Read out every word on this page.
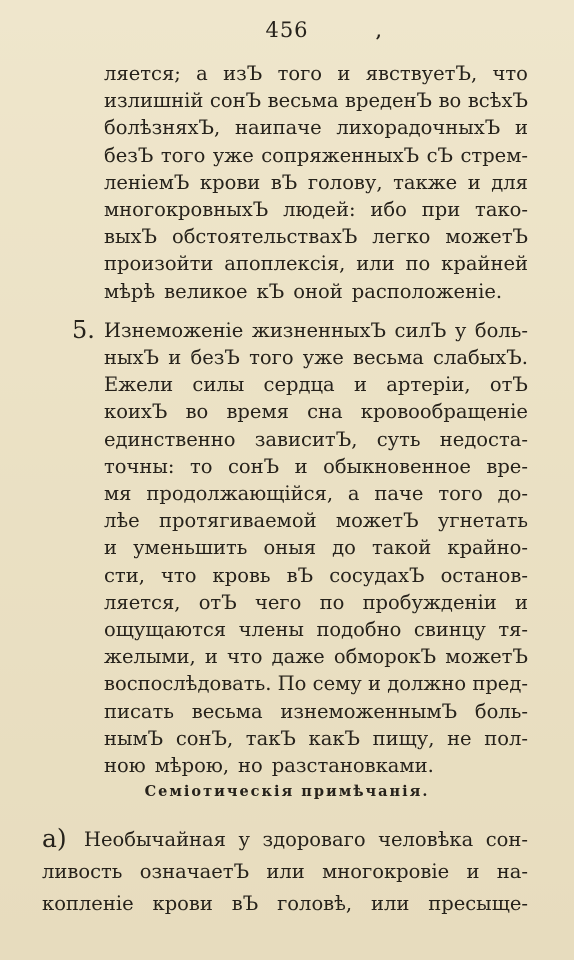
456	,
5.
Семіотическія примѣчанія.
a)
ляется; а изЪ того и явствуетЪ, что
излишній сонЪ весьма вреденЪ во всѣхЪ
болѣзняхЪ, наипаче лихорадочныхЪ и
безЪ того уже сопряженныхЪ сЪ стрем-
леніемЪ крови вЪ голову, также и для
многокровныхЪ людей: ибо при тако-
выхЪ обстоятельствахЪ легко можетЪ
произойти апоплексія, или по крайней
мѣрѣ великое кЪ оной расположеніе.
Изнеможеніе жизненныхЪ силЪ у боль-
ныхЪ и безЪ того уже весьма слабыхЪ.
Ежели силы сердца и артеріи, отЪ
коихЪ во время сна кровообращеніе
единственно зависитЪ, суть недоста-
точны: то сонЪ и обыкновенное вре-
мя продолжающійся, а паче того до-
лѣе протягиваемой можетЪ угнетать
и уменьшить оныя до такой крайно-
сти, что кровь вЪ сосудахЪ останов-
ляется, отЪ чего по пробужденіи и
ощущаются члены подобно свинцу тя-
желыми, и что даже обморокЪ можетЪ
воспослѣдовать. По сему и должно пред-
писать весьма изнеможеннымЪ боль-
нымЪ сонЪ, такЪ какЪ пищу, не пол-
ною мѣрою, но разстановками.
Необычайная у здороваго человѣка сон-
ливость означаетЪ или многокровіе и на-
копленіе крови вЪ головѣ, или пресыще-
